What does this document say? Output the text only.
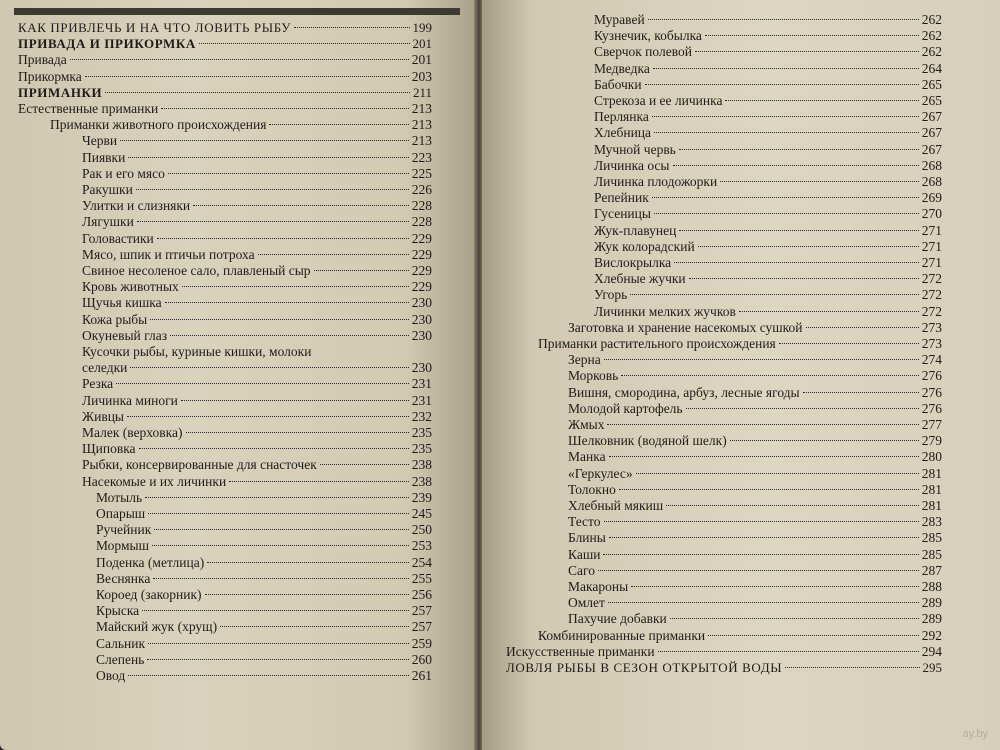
КАК ПРИВЛЕЧЬ И НА ЧТО ЛОВИТЬ РЫБУ	199
ПРИВАДА И ПРИКОРМКА	201
Привада	201
Прикормка	203
ПРИМАНКИ	211
Естественные приманки	213
Приманки животного происхождения	213
Черви	213
Пиявки	223
Рак и его мясо	225
Ракушки	226
Улитки и слизняки	228
Лягушки	228
Головастики	229
Мясо, шпик и птичьи потроха	229
Свиное несоленое сало, плавленый сыр	229
Кровь животных	229
Щучья кишка	230
Кожа рыбы	230
Окуневый глаз	230
Кусочки рыбы, куриные кишки, молоки
селедки	230
Резка	231
Личинка миноги	231
Живцы	232
Малек (верховка)	235
Щиповка	235
Рыбки, консервированные для снасточек	238
Насекомые и их личинки	238
Мотыль	239
Опарыш	245
Ручейник	250
Мормыш	253
Поденка (метлица)	254
Веснянка	255
Короед (закорник)	256
Крыска	257
Майский жук (хрущ)	257
Сальник	259
Слепень	260
Овод	261
Муравей	262
Кузнечик, кобылка	262
Сверчок полевой	262
Медведка	264
Бабочки	265
Стрекоза и ее личинка	265
Перлянка	267
Хлебница	267
Мучной червь	267
Личинка осы	268
Личинка плодожорки	268
Репейник	269
Гусеницы	270
Жук-плавунец	271
Жук колорадский	271
Вислокрылка	271
Хлебные жучки	272
Угорь	272
Личинки мелких жучков	272
Заготовка и хранение насекомых сушкой	273
Приманки растительного происхождения	273
Зерна	274
Морковь	276
Вишня, смородина, арбуз, лесные ягоды	276
Молодой картофель	276
Жмых	277
Шелковник (водяной шелк)	279
Манка	280
«Геркулес»	281
Толокно	281
Хлебный мякиш	281
Тесто	283
Блины	285
Каши	285
Саго	287
Макароны	288
Омлет	289
Пахучие добавки	289
Комбинированные приманки	292
Искусственные приманки	294
ЛОВЛЯ РЫБЫ В СЕЗОН ОТКРЫТОЙ ВОДЫ	295
ay.by
